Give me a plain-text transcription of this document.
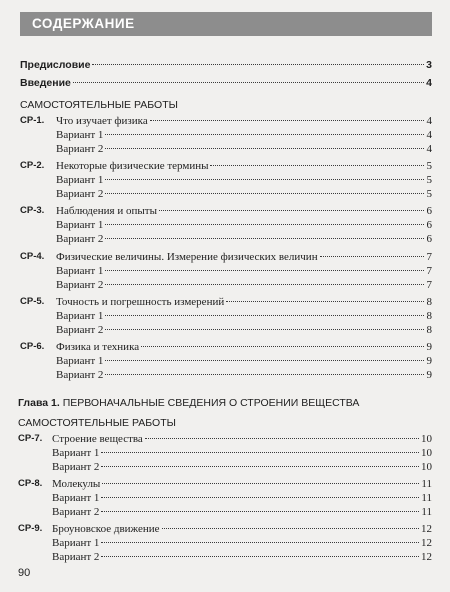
СОДЕРЖАНИЕ
Предисловие	3
Введение	4
САМОСТОЯТЕЛЬНЫЕ РАБОТЫ
СР-1. Что изучает физика	4
Вариант 1	4
Вариант 2	4
СР-2. Некоторые физические термины	5
Вариант 1	5
Вариант 2	5
СР-3. Наблюдения и опыты	6
Вариант 1	6
Вариант 2	6
СР-4. Физические величины. Измерение физических величин	7
Вариант 1	7
Вариант 2	7
СР-5. Точность и погрешность измерений	8
Вариант 1	8
Вариант 2	8
СР-6. Физика и техника	9
Вариант 1	9
Вариант 2	9
Глава 1. ПЕРВОНАЧАЛЬНЫЕ СВЕДЕНИЯ О СТРОЕНИИ ВЕЩЕСТВА
САМОСТОЯТЕЛЬНЫЕ РАБОТЫ
СР-7. Строение вещества	10
Вариант 1	10
Вариант 2	10
СР-8. Молекулы	11
Вариант 1	11
Вариант 2	11
СР-9. Броуновское движение	12
Вариант 1	12
Вариант 2	12
90
